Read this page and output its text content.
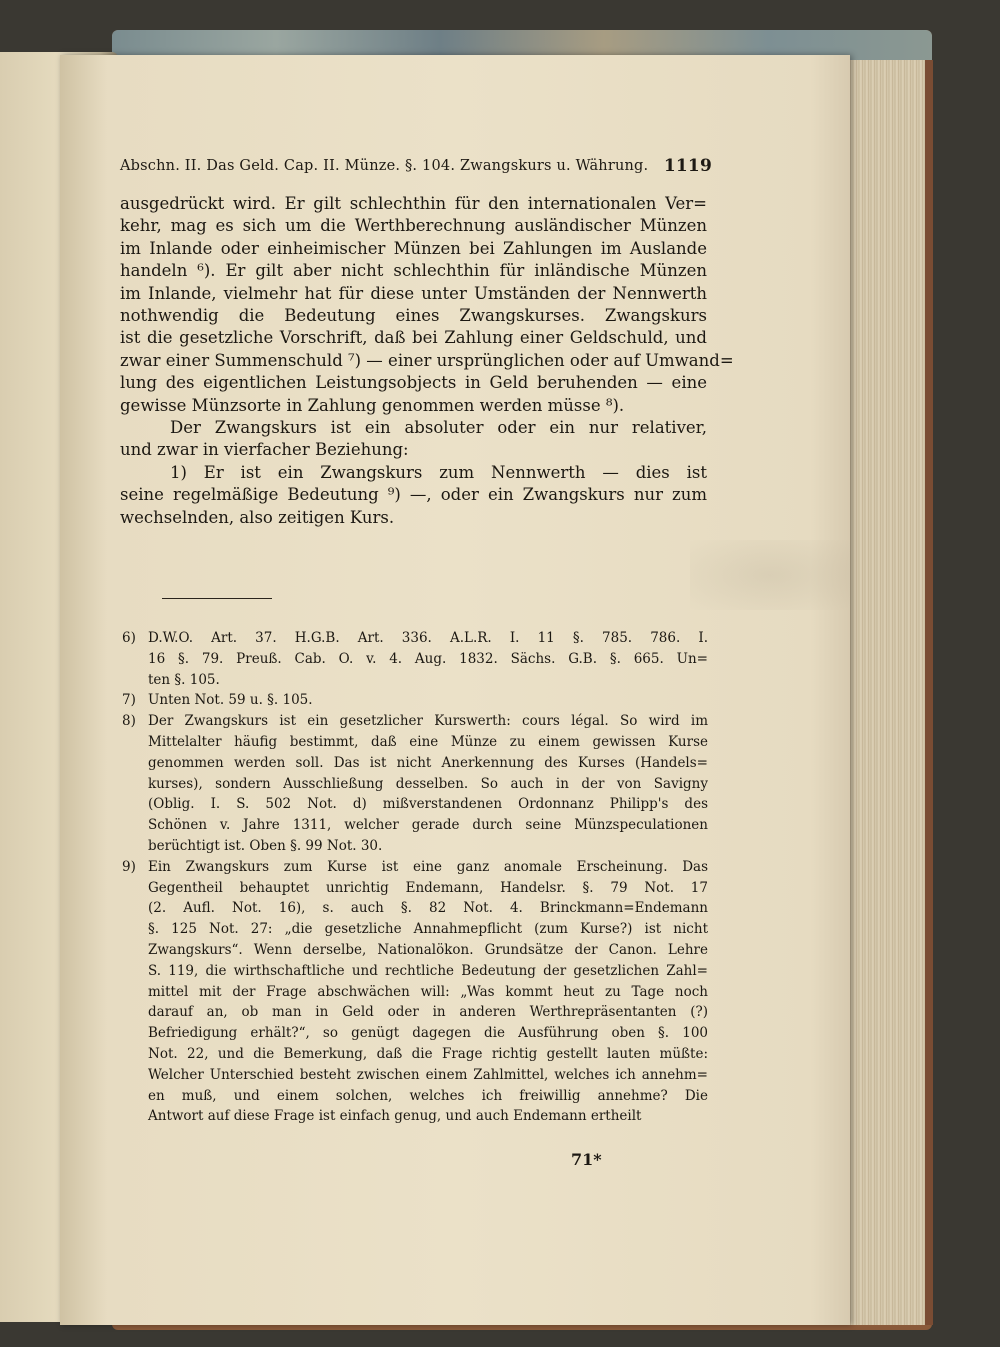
Abschn. II. Das Geld. Cap. II. Münze. §. 104. Zwangskurs u. Währung. 1119
ausgedrückt wird. Er gilt schlechthin für den internationalen Ver=
kehr, mag es sich um die Werthberechnung ausländischer Münzen
im Inlande oder einheimischer Münzen bei Zahlungen im Auslande
handeln ⁶). Er gilt aber nicht schlechthin für inländische Münzen
im Inlande, vielmehr hat für diese unter Umständen der Nennwerth
nothwendig die Bedeutung eines Zwangskurses. Zwangskurs
ist die gesetzliche Vorschrift, daß bei Zahlung einer Geldschuld, und
zwar einer Summenschuld ⁷) — einer ursprünglichen oder auf Umwand=
lung des eigentlichen Leistungsobjects in Geld beruhenden — eine
gewisse Münzsorte in Zahlung genommen werden müsse ⁸).
Der Zwangskurs ist ein absoluter oder ein nur relativer,
und zwar in vierfacher Beziehung:
1) Er ist ein Zwangskurs zum Nennwerth — dies ist
seine regelmäßige Bedeutung ⁹) —, oder ein Zwangskurs nur zum
wechselnden, also zeitigen Kurs.
6) D.W.O. Art. 37. H.G.B. Art. 336. A.L.R. I. 11 §. 785. 786. I.
16 §. 79. Preuß. Cab. O. v. 4. Aug. 1832. Sächs. G.B. §. 665. Un=
ten §. 105.
7) Unten Not. 59 u. §. 105.
8) Der Zwangskurs ist ein gesetzlicher Kurswerth: cours légal. So wird im
Mittelalter häufig bestimmt, daß eine Münze zu einem gewissen Kurse
genommen werden soll. Das ist nicht Anerkennung des Kurses (Handels=
kurses), sondern Ausschließung desselben. So auch in der von Savigny
(Oblig. I. S. 502 Not. d) mißverstandenen Ordonnanz Philipp's des
Schönen v. Jahre 1311, welcher gerade durch seine Münzspeculationen
berüchtigt ist. Oben §. 99 Not. 30.
9) Ein Zwangskurs zum Kurse ist eine ganz anomale Erscheinung. Das
Gegentheil behauptet unrichtig Endemann, Handelsr. §. 79 Not. 17
(2. Aufl. Not. 16), s. auch §. 82 Not. 4. Brinckmann=Endemann
§. 125 Not. 27: „die gesetzliche Annahmepflicht (zum Kurse?) ist nicht
Zwangskurs“. Wenn derselbe, Nationalökon. Grundsätze der Canon. Lehre
S. 119, die wirthschaftliche und rechtliche Bedeutung der gesetzlichen Zahl=
mittel mit der Frage abschwächen will: „Was kommt heut zu Tage noch
darauf an, ob man in Geld oder in anderen Werthrepräsentanten (?)
Befriedigung erhält?“, so genügt dagegen die Ausführung oben §. 100
Not. 22, und die Bemerkung, daß die Frage richtig gestellt lauten müßte:
Welcher Unterschied besteht zwischen einem Zahlmittel, welches ich annehm=
en muß, und einem solchen, welches ich freiwillig annehme? Die
Antwort auf diese Frage ist einfach genug, und auch Endemann ertheilt
71*
